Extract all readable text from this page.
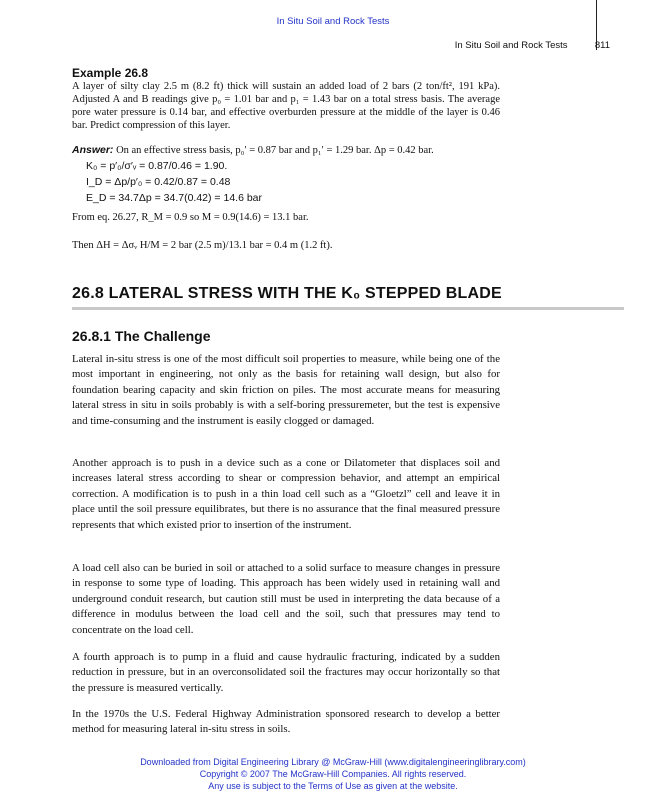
In Situ Soil and Rock Tests
In Situ Soil and Rock Tests	811
Example 26.8
A layer of silty clay 2.5 m (8.2 ft) thick will sustain an added load of 2 bars (2 ton/ft², 191 kPa). Adjusted A and B readings give p₀ = 1.01 bar and p₁ = 1.43 bar on a total stress basis. The average pore water pressure is 0.14 bar, and effective overburden pressure at the middle of the layer is 0.46 bar. Predict compression of this layer.
Answer: On an effective stress basis, p₀′ = 0.87 bar and p₁′ = 1.29 bar. Δp = 0.42 bar.
K₀ = p′₀/σ′ᵥ = 0.87/0.46 = 1.90.
I_D = Δp/p′₀ = 0.42/0.87 = 0.48
E_D = 34.7Δp = 34.7(0.42) = 14.6 bar
From eq. 26.27, R_M = 0.9 so M = 0.9(14.6) = 13.1 bar.
Then ΔH = Δσᵥ H/M = 2 bar (2.5 m)/13.1 bar = 0.4 m (1.2 ft).
26.8 LATERAL STRESS WITH THE K₀ STEPPED BLADE
26.8.1 The Challenge
Lateral in-situ stress is one of the most difficult soil properties to measure, while being one of the most important in engineering, not only as the basis for retaining wall design, but also for foundation bearing capacity and skin friction on piles. The most accurate means for measuring lateral stress in situ in soils probably is with a self-boring pressuremeter, but the test is expensive and time-consuming and the instrument is easily clogged or damaged.
Another approach is to push in a device such as a cone or Dilatometer that displaces soil and increases lateral stress according to shear or compression behavior, and attempt an empirical correction. A modification is to push in a thin load cell such as a “Gloetzl” cell and leave it in place until the soil pressure equilibrates, but there is no assurance that the final measured pressure represents that which existed prior to insertion of the instrument.
A load cell also can be buried in soil or attached to a solid surface to measure changes in pressure in response to some type of loading. This approach has been widely used in retaining wall and underground conduit research, but caution still must be used in interpreting the data because of a difference in modulus between the load cell and the soil, such that pressures may tend to concentrate on the load cell.
A fourth approach is to pump in a fluid and cause hydraulic fracturing, indicated by a sudden reduction in pressure, but in an overconsolidated soil the fractures may occur horizontally so that the pressure is measured vertically.
In the 1970s the U.S. Federal Highway Administration sponsored research to develop a better method for measuring lateral in-situ stress in soils.
Downloaded from Digital Engineering Library @ McGraw-Hill (www.digitalengineeringlibrary.com)
Copyright © 2007 The McGraw-Hill Companies. All rights reserved.
Any use is subject to the Terms of Use as given at the website.
